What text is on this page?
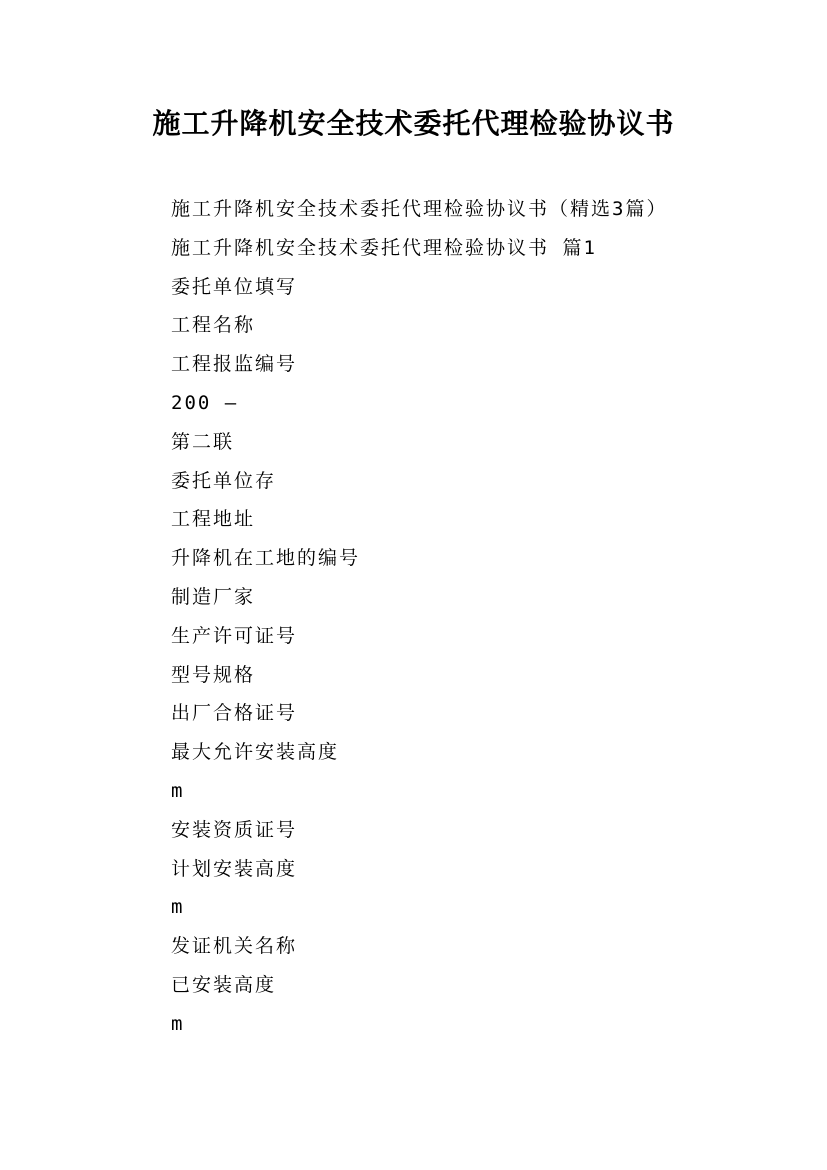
施工升降机安全技术委托代理检验协议书
施工升降机安全技术委托代理检验协议书（精选3篇）
施工升降机安全技术委托代理检验协议书 篇1
委托单位填写
工程名称
工程报监编号
200 —
第二联
委托单位存
工程地址
升降机在工地的编号
制造厂家
生产许可证号
型号规格
出厂合格证号
最大允许安装高度
m
安装资质证号
计划安装高度
m
发证机关名称
已安装高度
m
